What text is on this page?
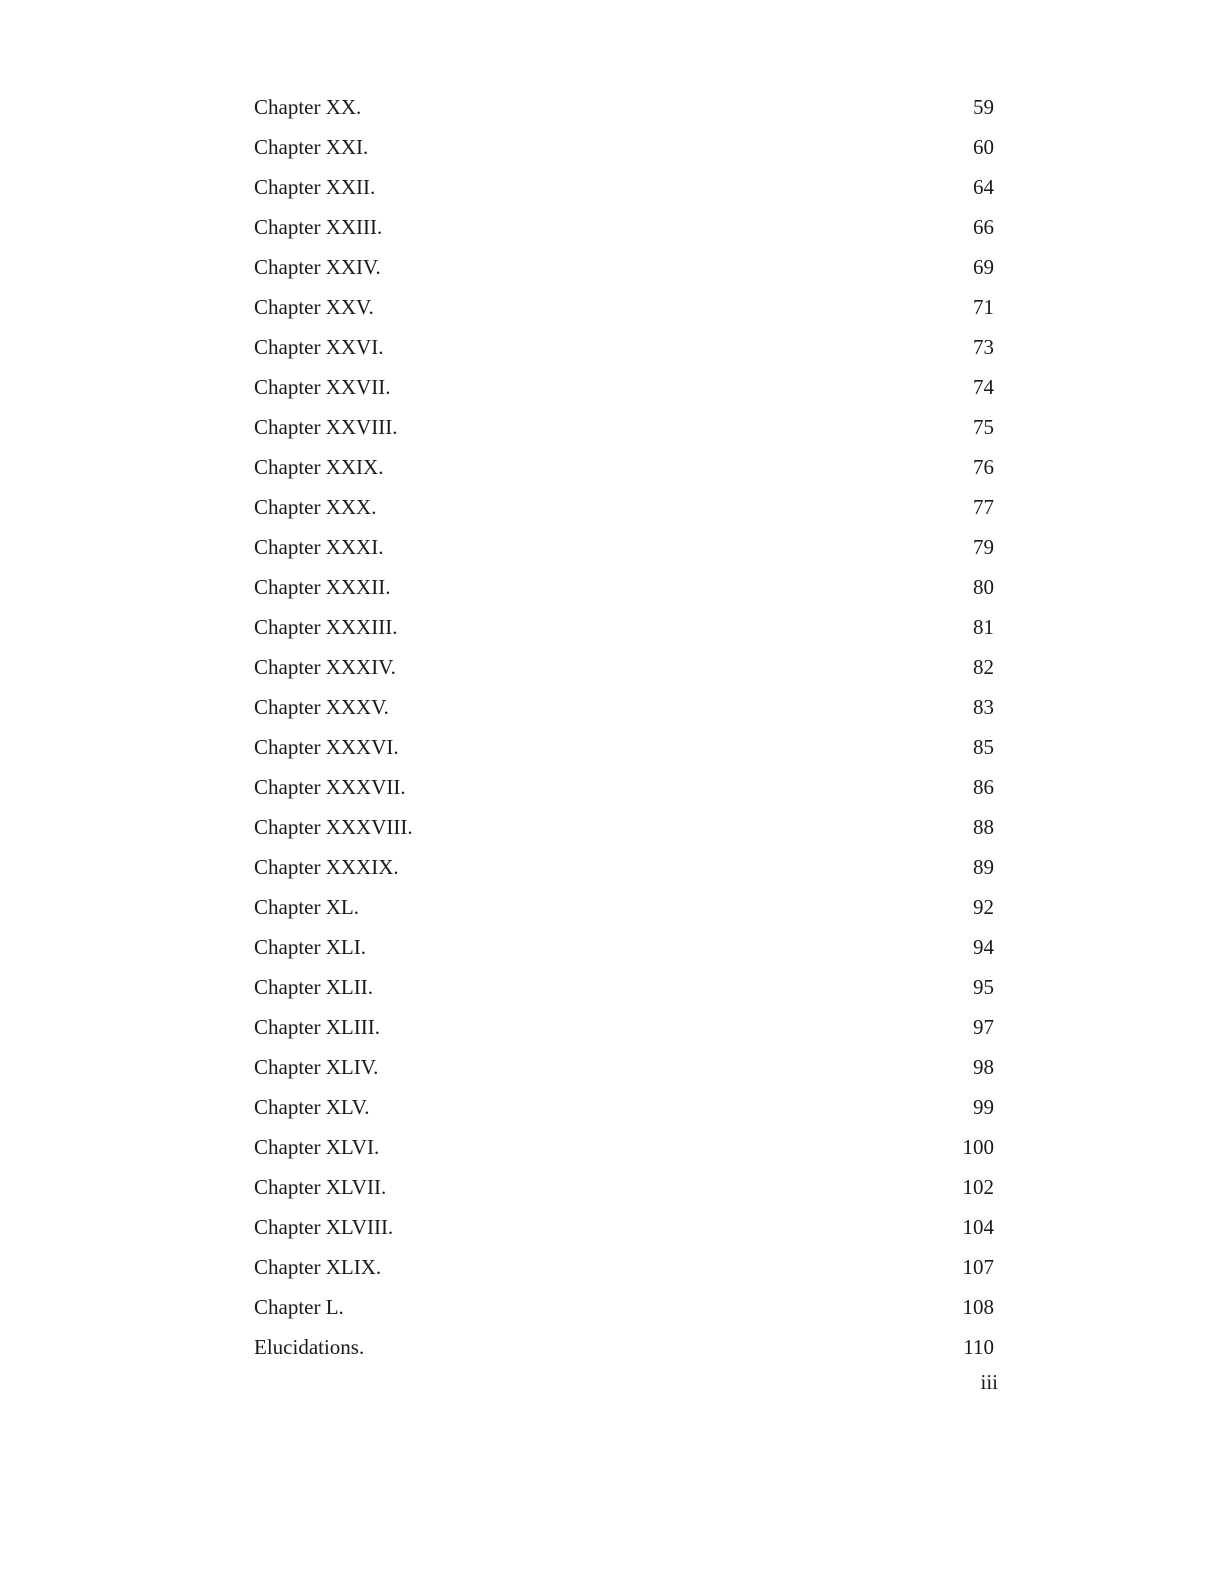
Chapter XX.	59
Chapter XXI.	60
Chapter XXII.	64
Chapter XXIII.	66
Chapter XXIV.	69
Chapter XXV.	71
Chapter XXVI.	73
Chapter XXVII.	74
Chapter XXVIII.	75
Chapter XXIX.	76
Chapter XXX.	77
Chapter XXXI.	79
Chapter XXXII.	80
Chapter XXXIII.	81
Chapter XXXIV.	82
Chapter XXXV.	83
Chapter XXXVI.	85
Chapter XXXVII.	86
Chapter XXXVIII.	88
Chapter XXXIX.	89
Chapter XL.	92
Chapter XLI.	94
Chapter XLII.	95
Chapter XLIII.	97
Chapter XLIV.	98
Chapter XLV.	99
Chapter XLVI.	100
Chapter XLVII.	102
Chapter XLVIII.	104
Chapter XLIX.	107
Chapter L.	108
Elucidations.	110
iii
